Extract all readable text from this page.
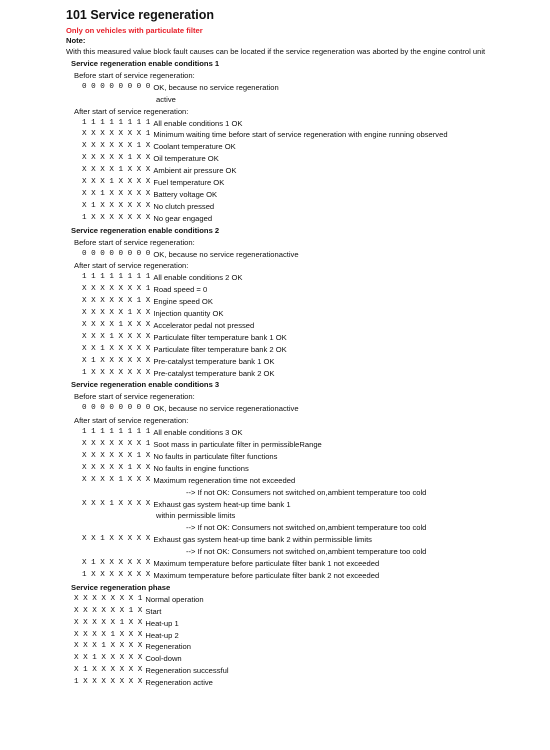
101 Service regeneration
Only on vehicles with particulate filter
Note:
With this measured value block fault causes can be located if the service regeneration was aborted by the engine control unit
Service regeneration enable conditions 1
Before start of service regeneration:
0 0 0 0 0 0 0 0 OK, because no service regeneration
active
After start of service regeneration:
1 1 1 1 1 1 1 1 All enable conditions 1 OK
X X X X X X X 1 Minimum waiting time before start of service regeneration with engine running observed
X X X X X X 1 X Coolant temperature OK
X X X X X 1 X X Oil temperature OK
X X X X 1 X X X Ambient air pressure OK
X X X 1 X X X X Fuel temperature OK
X X 1 X X X X X Battery voltage OK
X 1 X X X X X X No clutch pressed
1 X X X X X X X No gear engaged
Service regeneration enable conditions 2
Before start of service regeneration:
0 0 0 0 0 0 0 0 OK, because no service regenerationactive
After start of service regeneration:
1 1 1 1 1 1 1 1 All enable conditions 2 OK
X X X X X X X 1 Road speed = 0
X X X X X X 1 X Engine speed OK
X X X X X 1 X X Injection quantity OK
X X X X 1 X X X Accelerator pedal not pressed
X X X 1 X X X X Particulate filter temperature bank 1 OK
X X 1 X X X X X Particulate filter temperature bank 2 OK
X 1 X X X X X X Pre-catalyst temperature bank 1 OK
1 X X X X X X X Pre-catalyst temperature bank 2 OK
Service regeneration enable conditions 3
Before start of service regeneration:
0 0 0 0 0 0 0 0 OK, because no service regenerationactive
After start of service regeneration:
1 1 1 1 1 1 1 1 All enable conditions 3 OK
X X X X X X X 1 Soot mass in particulate filter in permissibleRange
X X X X X X 1 X No faults in particulate filter functions
X X X X X 1 X X No faults in engine functions
X X X X 1 X X X Maximum regeneration time not exceeded
--> If not OK: Consumers not switched on,ambient temperature too cold
X X X 1 X X X X Exhaust gas system heat-up time bank 1
within permissible limits
--> If not OK: Consumers not switched on,ambient temperature too cold
X X 1 X X X X X Exhaust gas system heat-up time bank 2 within permissible limits
--> If not OK: Consumers not switched on,ambient temperature too cold
X 1 X X X X X X Maximum temperature before particulate filter bank 1 not exceeded
1 X X X X X X X Maximum temperature before particulate filter bank 2 not exceeded
Service regeneration phase
X X X X X X X 1 Normal operation
X X X X X X 1 X Start
X X X X X 1 X X Heat-up 1
X X X X 1 X X X Heat-up 2
X X X 1 X X X X Regeneration
X X 1 X X X X X Cool-down
X 1 X X X X X X Regeneration successful
1 X X X X X X X Regeneration active
